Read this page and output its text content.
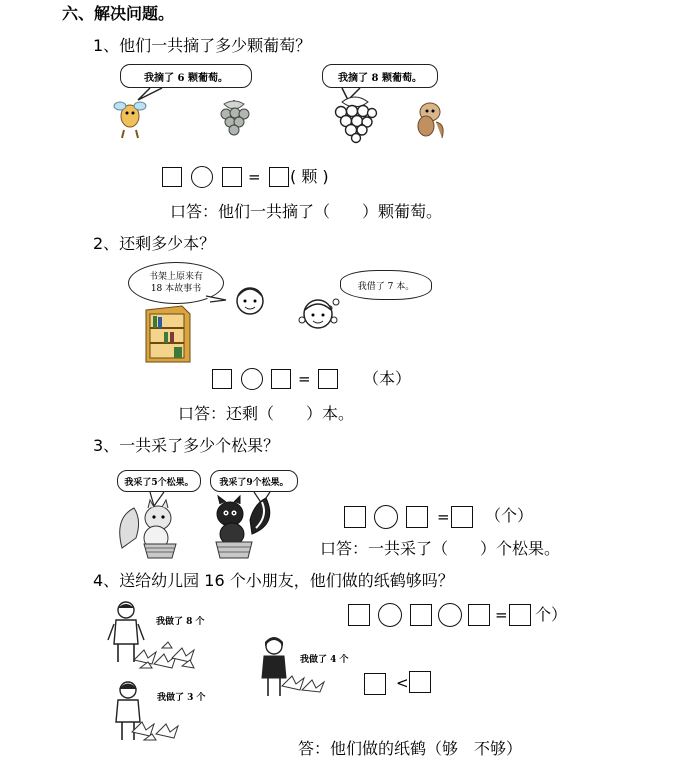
六、解决问题。
1、他们一共摘了多少颗葡萄？
我摘了 6 颗葡萄。	我摘了 8 颗葡萄。
= ( 颗 )
口答：他们一共摘了（　　）颗葡萄。
2、还剩多少本？
书架上原来有
18 本故事书	我借了 7 本。
=	（本）
口答：还剩（　　）本。
3、一共采了多少个松果？
我采了5个松果。	我采了9个松果。
= （个）
口答：一共采了（　　）个松果。
4、送给幼儿园 16 个小朋友，他们做的纸鹤够吗？
我做了 8 个
我做了 4 个
我做了 3 个
= 个）
<
答：他们做的纸鹤（够　不够）
